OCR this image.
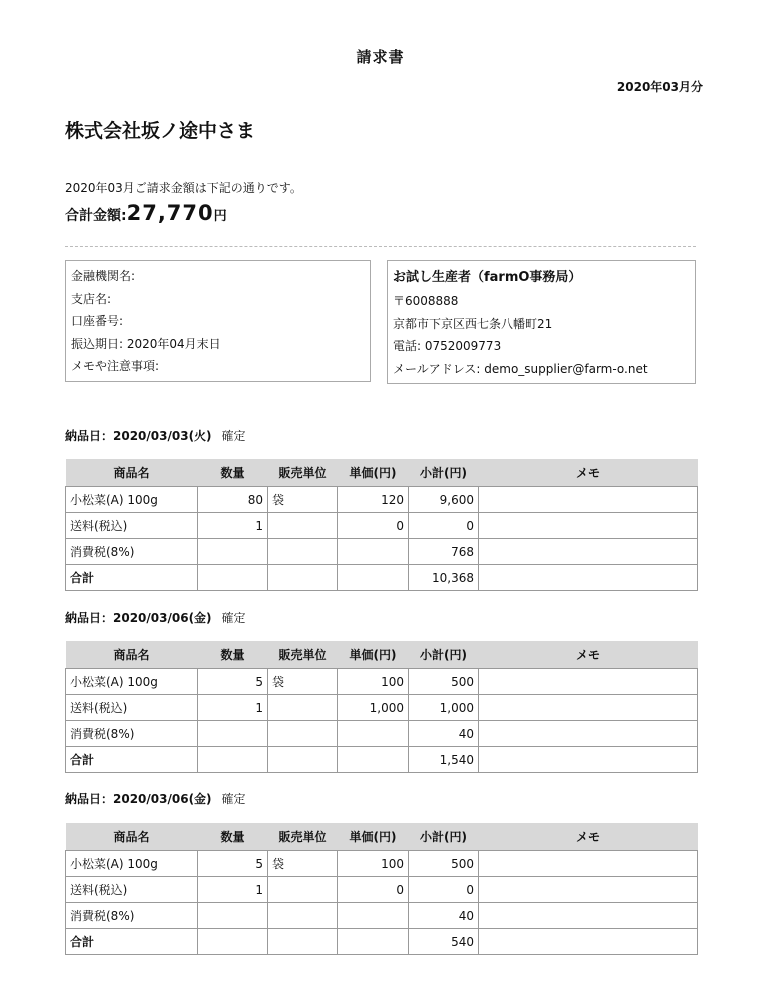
請求書
2020年03月分
株式会社坂ノ途中さま
2020年03月ご請求金額は下記の通りです。
合計金額:27,770円
金融機関名:
支店名:
口座番号:
振込期日: 2020年04月末日
メモや注意事項:
お試し生産者（farmO事務局）
〒6008888
京都市下京区西七条八幡町21
電話: 0752009773
メールアドレス: demo_supplier@farm-o.net
納品日：2020/03/03(火) 確定
商品名	数量	販売単位	単価(円)	小計(円)	メモ
小松菜(A) 100g	80	袋	120	9,600	
送料(税込)	1		0	0	
消費税(8%)				768	
合計				10,368	
納品日：2020/03/06(金) 確定
商品名	数量	販売単位	単価(円)	小計(円)	メモ
小松菜(A) 100g	5	袋	100	500	
送料(税込)	1		1,000	1,000	
消費税(8%)				40	
合計				1,540	
納品日：2020/03/06(金) 確定
商品名	数量	販売単位	単価(円)	小計(円)	メモ
小松菜(A) 100g	5	袋	100	500	
送料(税込)	1		0	0	
消費税(8%)				40	
合計				540	
